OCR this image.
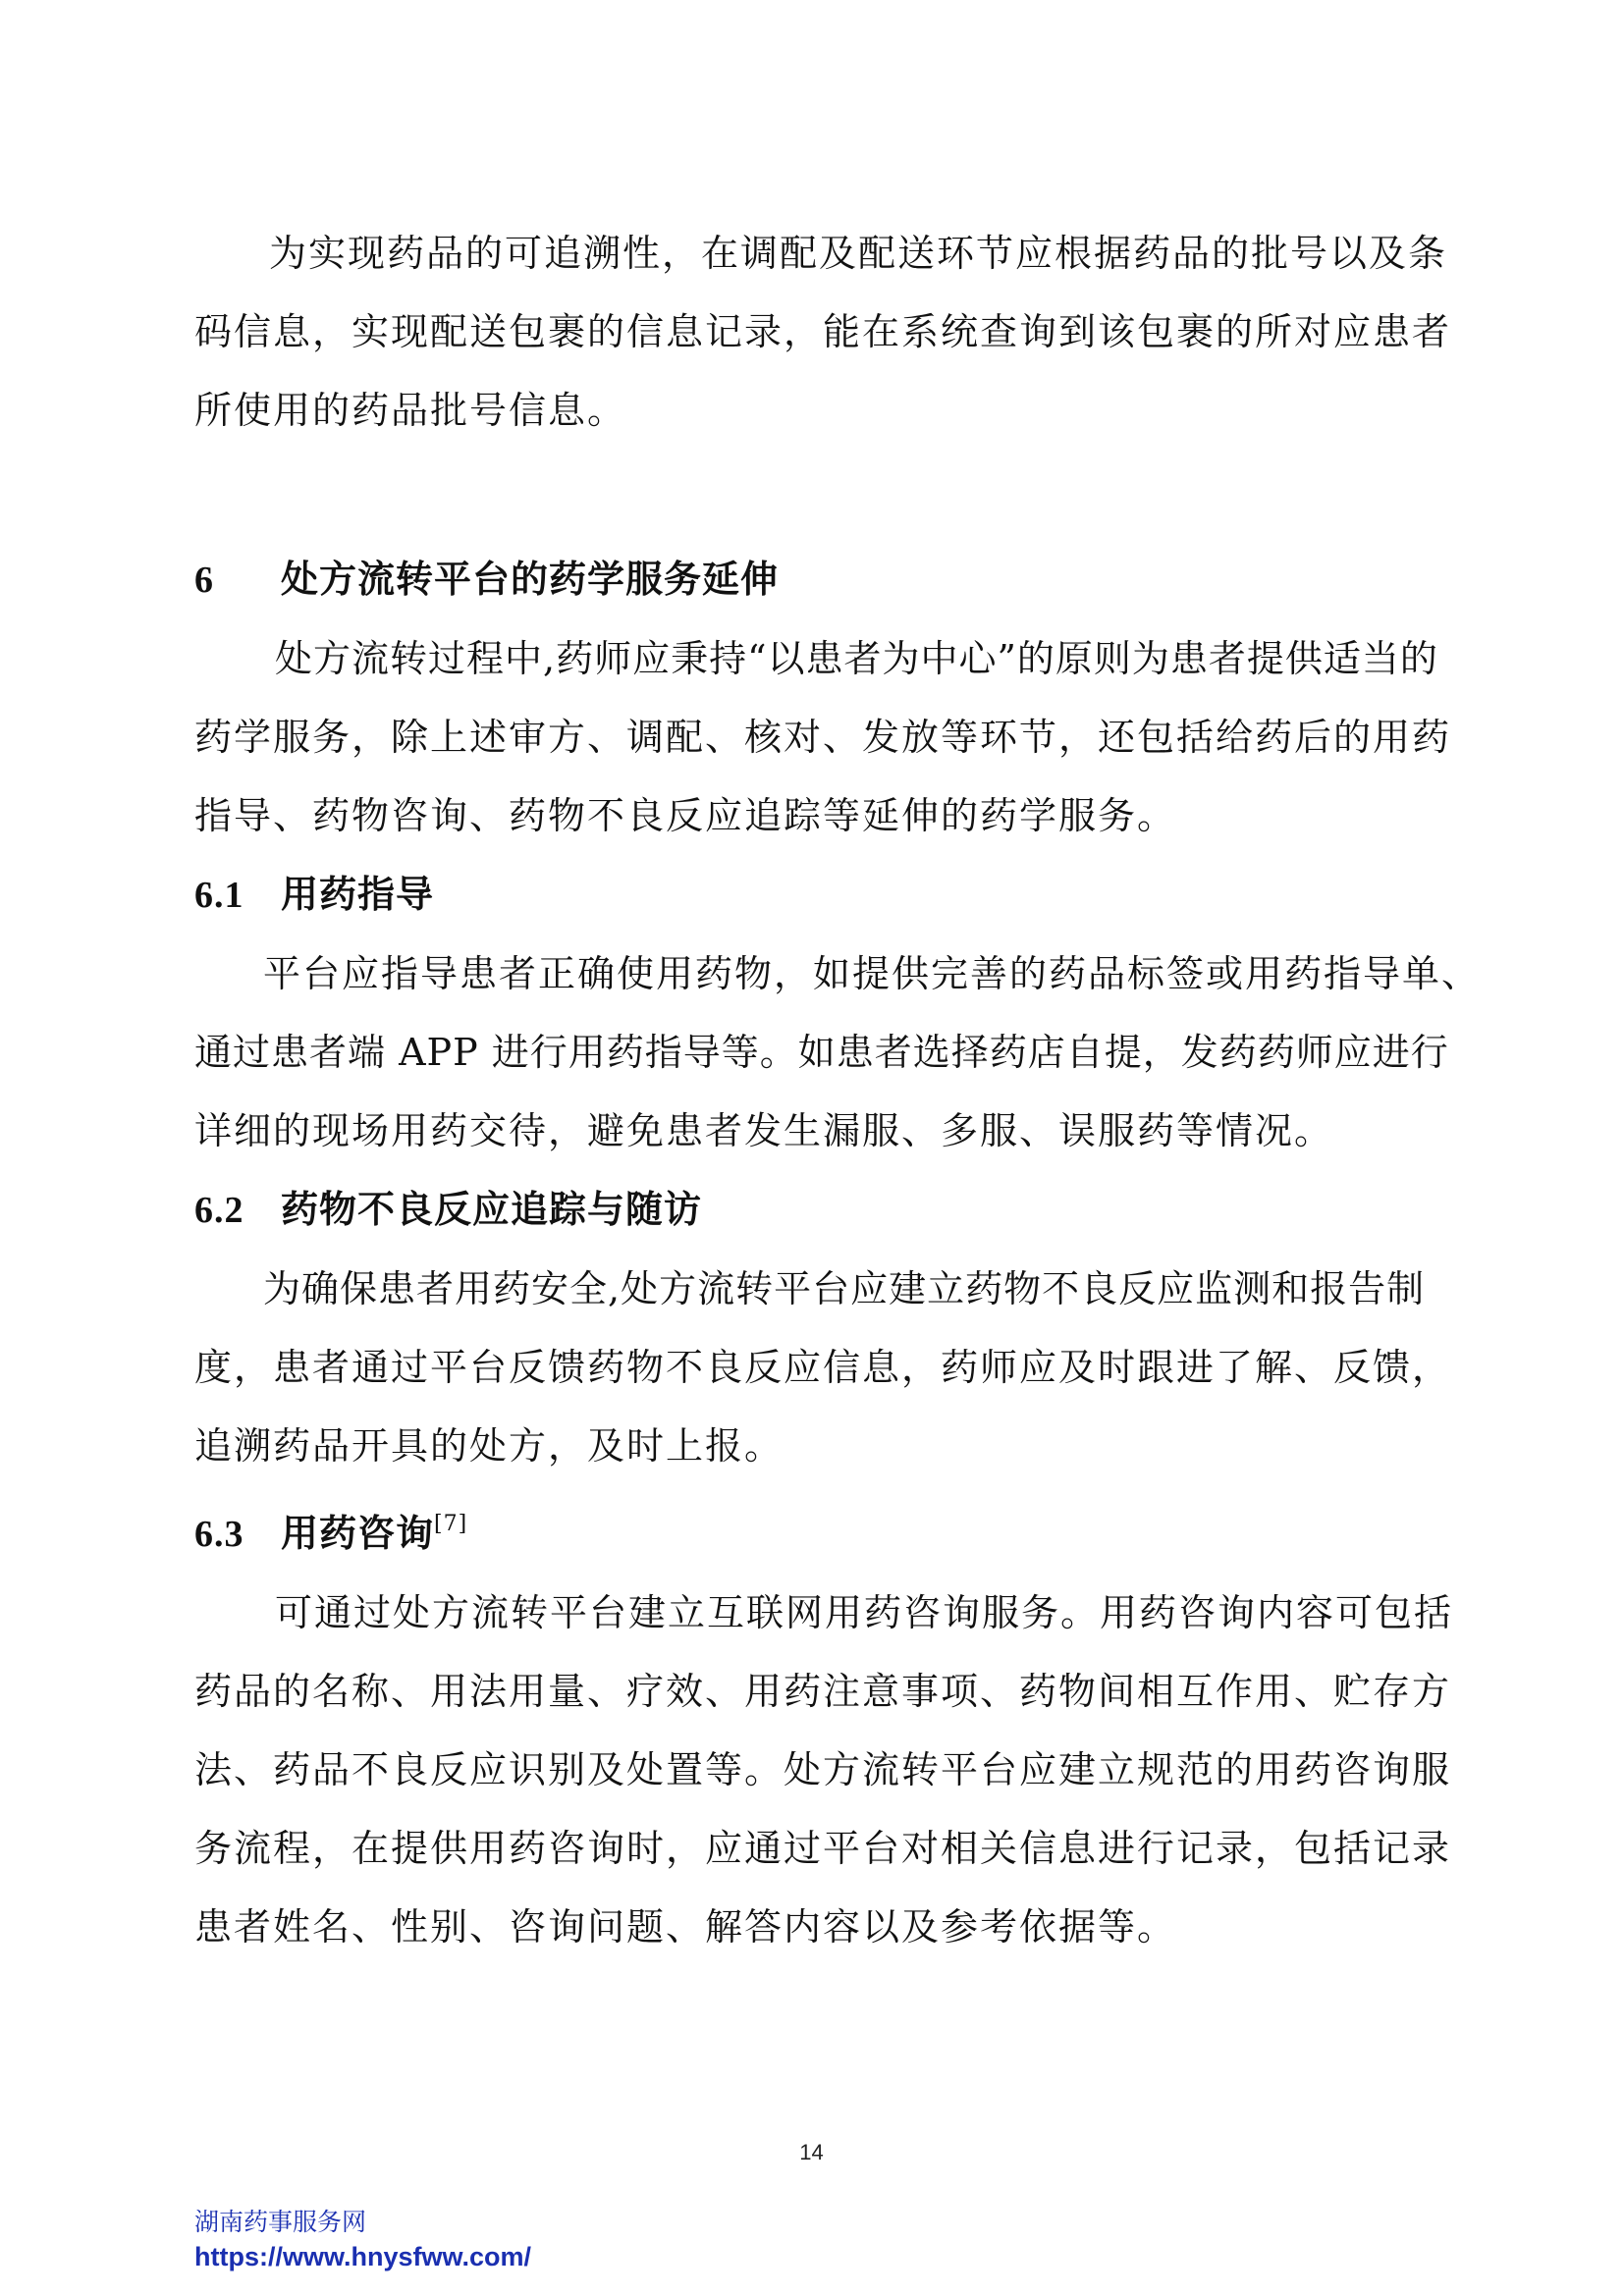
为实现药品的可追溯性，在调配及配送环节应根据药品的批号以及条
码信息，实现配送包裹的信息记录，能在系统查询到该包裹的所对应患者
所使用的药品批号信息。

6 处方流转平台的药学服务延伸

处方流转过程中,药师应秉持“以患者为中心”的原则为患者提供适当的
药学服务，除上述审方、调配、核对、发放等环节，还包括给药后的用药
指导、药物咨询、药物不良反应追踪等延伸的药学服务。

6.1 用药指导

平台应指导患者正确使用药物，如提供完善的药品标签或用药指导单、
通过患者端 APP 进行用药指导等。如患者选择药店自提，发药药师应进行
详细的现场用药交待，避免患者发生漏服、多服、误服药等情况。

6.2 药物不良反应追踪与随访

为确保患者用药安全,处方流转平台应建立药物不良反应监测和报告制
度，患者通过平台反馈药物不良反应信息，药师应及时跟进了解、反馈，
追溯药品开具的处方，及时上报。

6.3 用药咨询[7]

可通过处方流转平台建立互联网用药咨询服务。用药咨询内容可包括
药品的名称、用法用量、疗效、用药注意事项、药物间相互作用、贮存方
法、药品不良反应识别及处置等。处方流转平台应建立规范的用药咨询服
务流程，在提供用药咨询时，应通过平台对相关信息进行记录，包括记录
患者姓名、性别、咨询问题、解答内容以及参考依据等。

14
湖南药事服务网
https://www.hnysfww.com/
